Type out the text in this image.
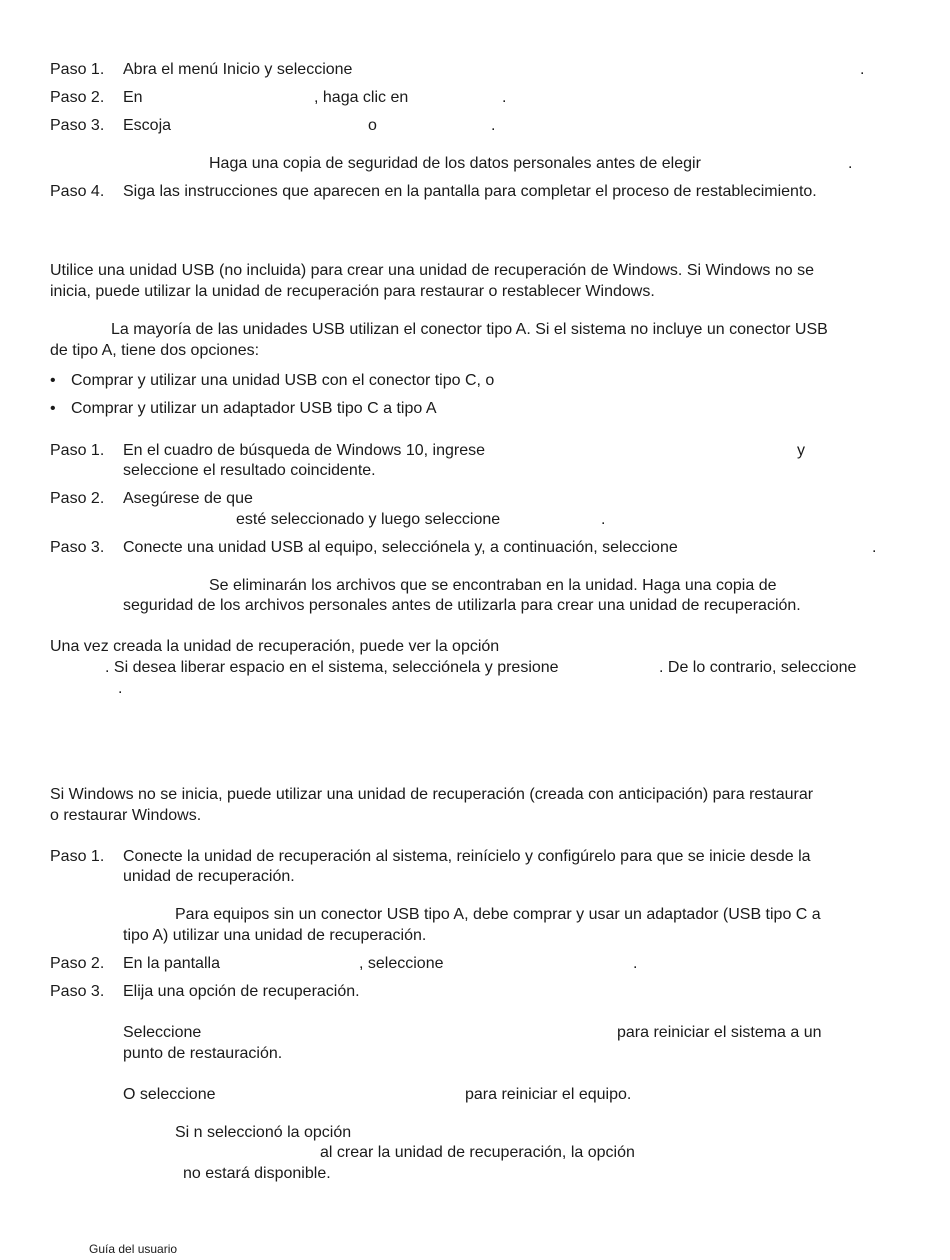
Paso 1. Abra el menú Inicio y seleccione	.
Paso 2. En	, haga clic en	.
Paso 3. Escoja	o	.
Haga una copia de seguridad de los datos personales antes de elegir	.
Paso 4. Siga las instrucciones que aparecen en la pantalla para completar el proceso de restablecimiento.
Utilice una unidad USB (no incluida) para crear una unidad de recuperación de Windows. Si Windows no se
inicia, puede utilizar la unidad de recuperación para restaurar o restablecer Windows.
La mayoría de las unidades USB utilizan el conector tipo A. Si el sistema no incluye un conector USB
de tipo A, tiene dos opciones:
• Comprar y utilizar una unidad USB con el conector tipo C, o
• Comprar y utilizar un adaptador USB tipo C a tipo A
Paso 1. En el cuadro de búsqueda de Windows 10, ingrese	y
seleccione el resultado coincidente.
Paso 2. Asegúrese de que
esté seleccionado y luego seleccione	.
Paso 3. Conecte una unidad USB al equipo, selecciónela y, a continuación, seleccione	.
Se eliminarán los archivos que se encontraban en la unidad. Haga una copia de
seguridad de los archivos personales antes de utilizarla para crear una unidad de recuperación.
Una vez creada la unidad de recuperación, puede ver la opción
. Si desea liberar espacio en el sistema, selecciónela y presione	. De lo contrario, seleccione
.
Si Windows no se inicia, puede utilizar una unidad de recuperación (creada con anticipación) para restaurar
o restaurar Windows.
Paso 1. Conecte la unidad de recuperación al sistema, reinícielo y configúrelo para que se inicie desde la
unidad de recuperación.
Para equipos sin un conector USB tipo A, debe comprar y usar un adaptador (USB tipo C a
tipo A) utilizar una unidad de recuperación.
Paso 2. En la pantalla	, seleccione	.
Paso 3. Elija una opción de recuperación.
Seleccione	para reiniciar el sistema a un
punto de restauración.
O seleccione	para reiniciar el equipo.
Si n seleccionó la opción
al crear la unidad de recuperación, la opción
no estará disponible.
Guía del usuario
